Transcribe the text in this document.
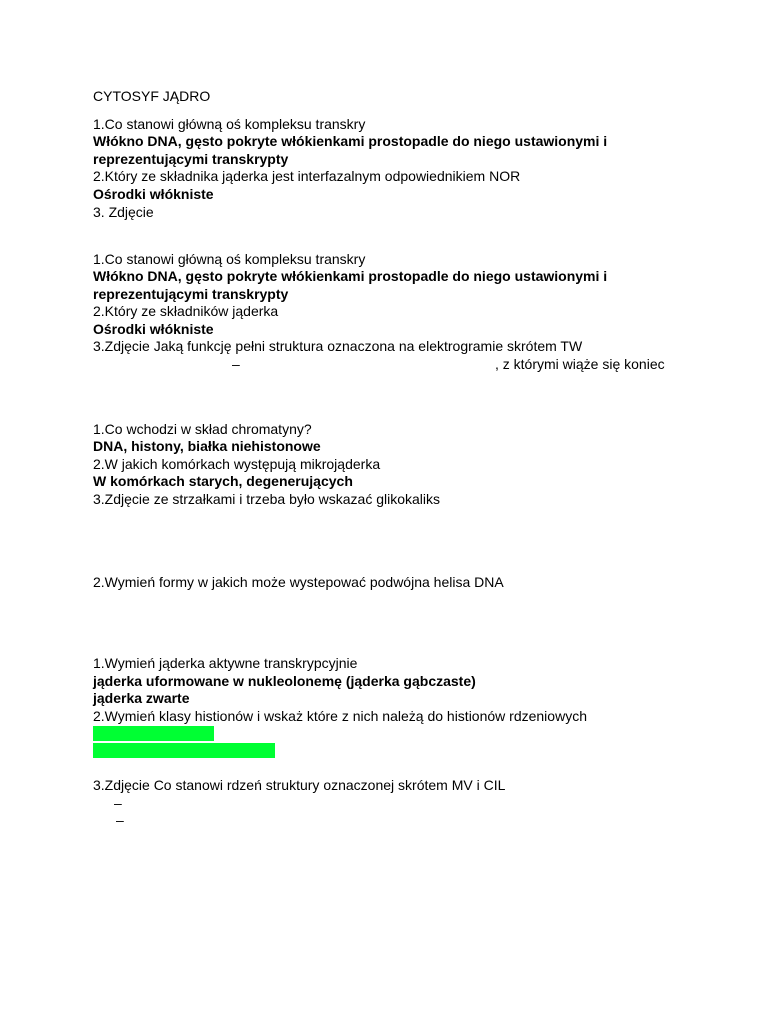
CYTOSYF JĄDRO
1.Co stanowi główną oś kompleksu transkry
Włókno DNA, gęsto pokryte włókienkami prostopadle do niego ustawionymi i
reprezentującymi transkrypty
2.Który ze składnika jąderka jest interfazalnym odpowiednikiem NOR
Ośrodki włókniste
3. Zdjęcie
1.Co stanowi główną oś kompleksu transkry
Włókno DNA, gęsto pokryte włókienkami prostopadle do niego ustawionymi i
reprezentującymi transkrypty
2.Który ze składników jąderka
Ośrodki włókniste
3.Zdjęcie Jaką funkcję pełni struktura oznaczona na elektrogramie skrótem TW
–	, z którymi wiąże się koniec
1.Co wchodzi w skład chromatyny?
DNA, histony, białka niehistonowe
2.W jakich komórkach występują mikrojąderka
W komórkach starych, degenerujących
3.Zdjęcie ze strzałkami i trzeba było wskazać glikokaliks
2.Wymień formy w jakich może wystepować podwójna helisa DNA
1.Wymień jąderka aktywne transkrypcyjnie
jąderka uformowane w nukleolonemę (jąderka gąbczaste)
jąderka zwarte
2.Wymień klasy histionów i wskaż które z nich należą do histionów rdzeniowych
3.Zdjęcie Co stanowi rdzeń struktury oznaczonej skrótem MV i CIL
–
–
